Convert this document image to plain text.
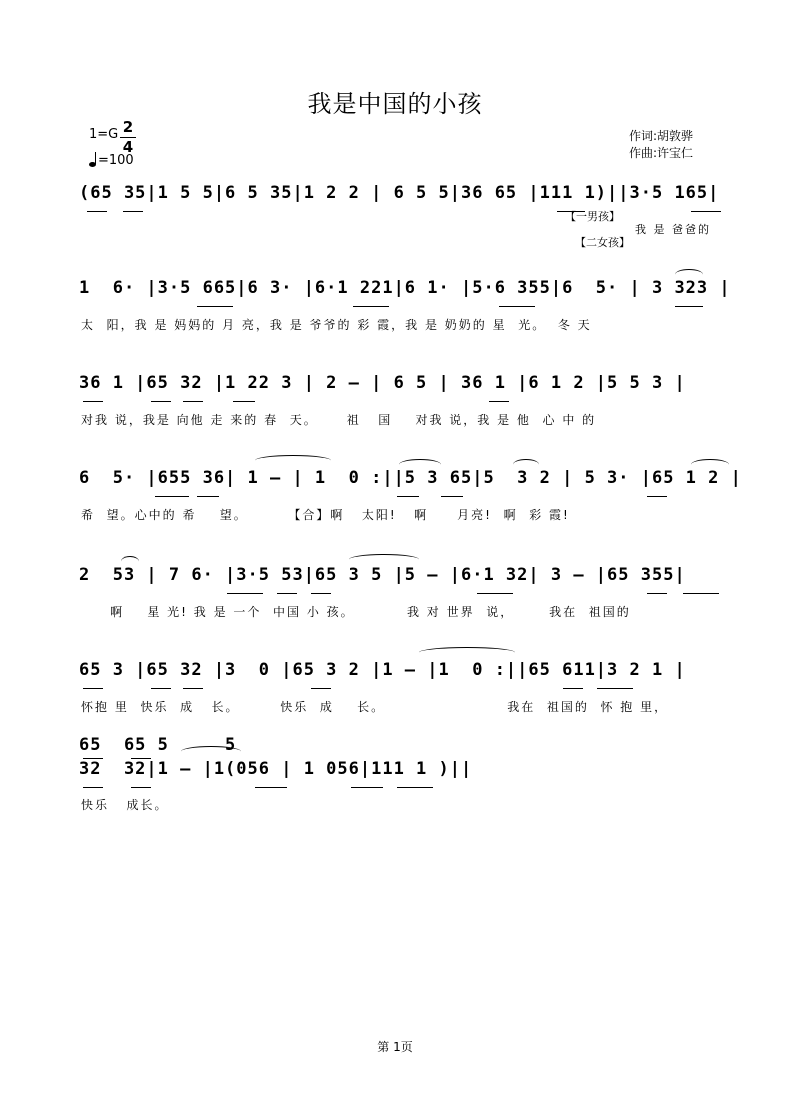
我是中国的小孩
1=G 2
4
=100
作词:胡敦骅
作曲:许宝仁
(65 35|1 5 5|6 5 35|1 2 2 | 6 5 5|36 65 |111 1)||3·5 165|
【一男孩】
我 是 爸爸的
【二女孩】
1  6· |3·5 665|6 3· |6·1 221|6 1· |5·6 355|6  5· | 3 323 |
太  阳，我 是 妈妈的 月 亮，我 是 爷爷的 彩 霞，我 是 奶奶的 星  光。  冬 天
36 1 |65 32 |1 22 3 | 2 — | 6 5 | 36 1 |6 1 2 |5 5 3 |
对我 说，我是 向他 走 来的 春  天。     祖   国    对我 说，我 是 他  心 中 的
6  5· |655 36| 1 — | 1  0 :||5 3 65|5  3 2 | 5 3· |65 1 2 |
希  望。心中的 希    望。       【合】啊   太阳!   啊     月亮!  啊  彩 霞!
2  53 | 7 6· |3·5 53|65 3 5 |5 — |6·1 32| 3 — |65 355|
啊    星 光! 我 是 一个  中国 小 孩。         我 对 世界  说，      我在  祖国的
65 3 |65 32 |3  0 |65 3 2 |1 — |1  0 :||65 611|3 2 1 |
怀抱 里  快乐  成   长。       快乐  成    长。                     我在  祖国的  怀 抱 里，
65  65 5     5
32  32|1 — |1(056 | 1 056|111 1 )||
快乐   成长。
第 1页
